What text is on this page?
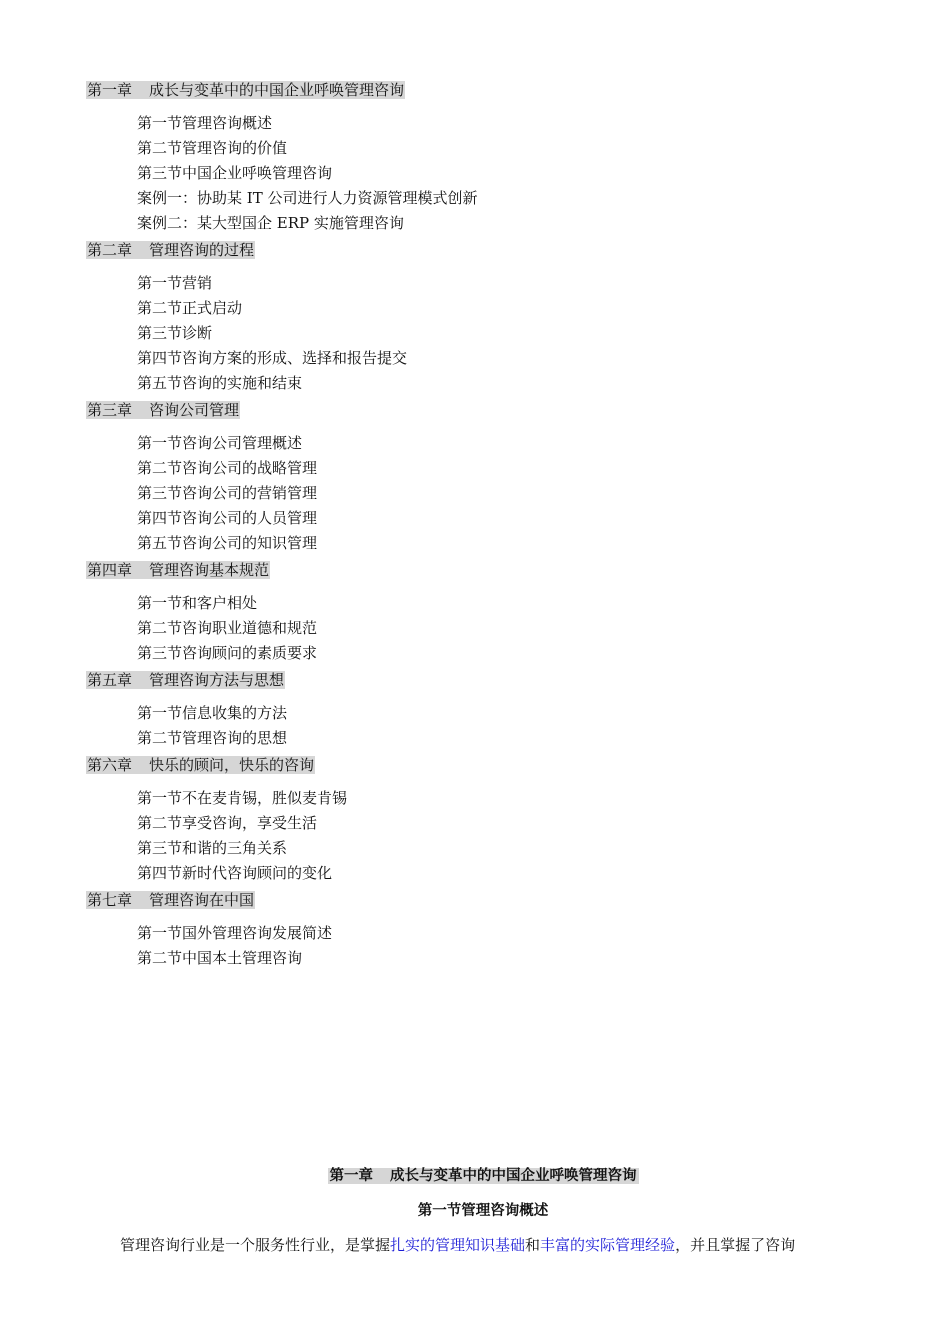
第一章 成长与变革中的中国企业呼唤管理咨询
第一节管理咨询概述
第二节管理咨询的价值
第三节中国企业呼唤管理咨询
案例一：协助某 IT 公司进行人力资源管理模式创新
案例二：某大型国企 ERP 实施管理咨询
第二章 管理咨询的过程
第一节营销
第二节正式启动
第三节诊断
第四节咨询方案的形成、选择和报告提交
第五节咨询的实施和结束
第三章 咨询公司管理
第一节咨询公司管理概述
第二节咨询公司的战略管理
第三节咨询公司的营销管理
第四节咨询公司的人员管理
第五节咨询公司的知识管理
第四章 管理咨询基本规范
第一节和客户相处
第二节咨询职业道德和规范
第三节咨询顾问的素质要求
第五章 管理咨询方法与思想
第一节信息收集的方法
第二节管理咨询的思想
第六章 快乐的顾问，快乐的咨询
第一节不在麦肯锡，胜似麦肯锡
第二节享受咨询，享受生活
第三节和谐的三角关系
第四节新时代咨询顾问的变化
第七章 管理咨询在中国
第一节国外管理咨询发展简述
第二节中国本土管理咨询
第一章 成长与变革中的中国企业呼唤管理咨询
第一节管理咨询概述
管理咨询行业是一个服务性行业，是掌握扎实的管理知识基础和丰富的实际管理经验，并且掌握了咨询
